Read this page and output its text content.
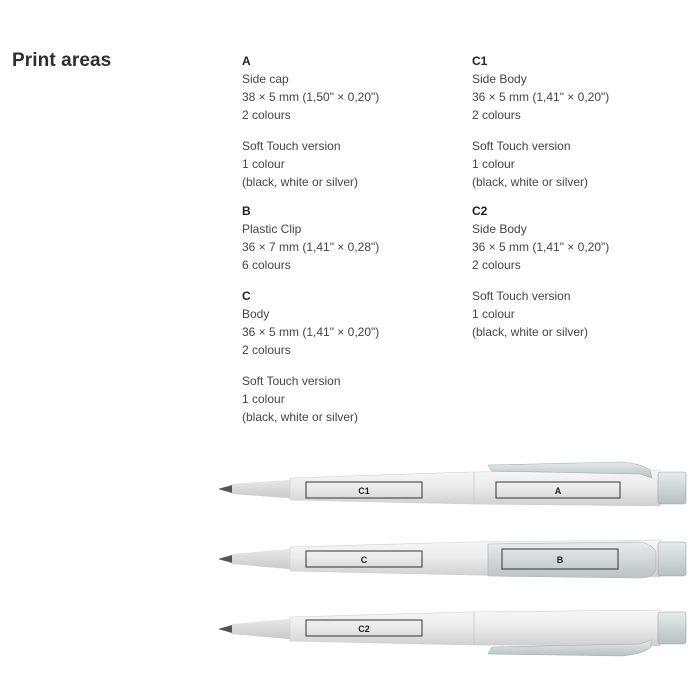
Print areas	A
Side cap
38 × 5 mm (1,50" × 0,20")
2 colours
Soft Touch version
1 colour
(black, white or silver)
B
Plastic Clip
36 × 7 mm (1,41" × 0,28")
6 colours
C
Body
36 × 5 mm (1,41" × 0,20")
2 colours
Soft Touch version
1 colour
(black, white or silver)
C1
Side Body
36 × 5 mm (1,41" × 0,20")
2 colours
Soft Touch version
1 colour
(black, white or silver)
C2
Side Body
36 × 5 mm (1,41" × 0,20")
2 colours
Soft Touch version
1 colour
(black, white or silver)
C1	A
C	B
C2
